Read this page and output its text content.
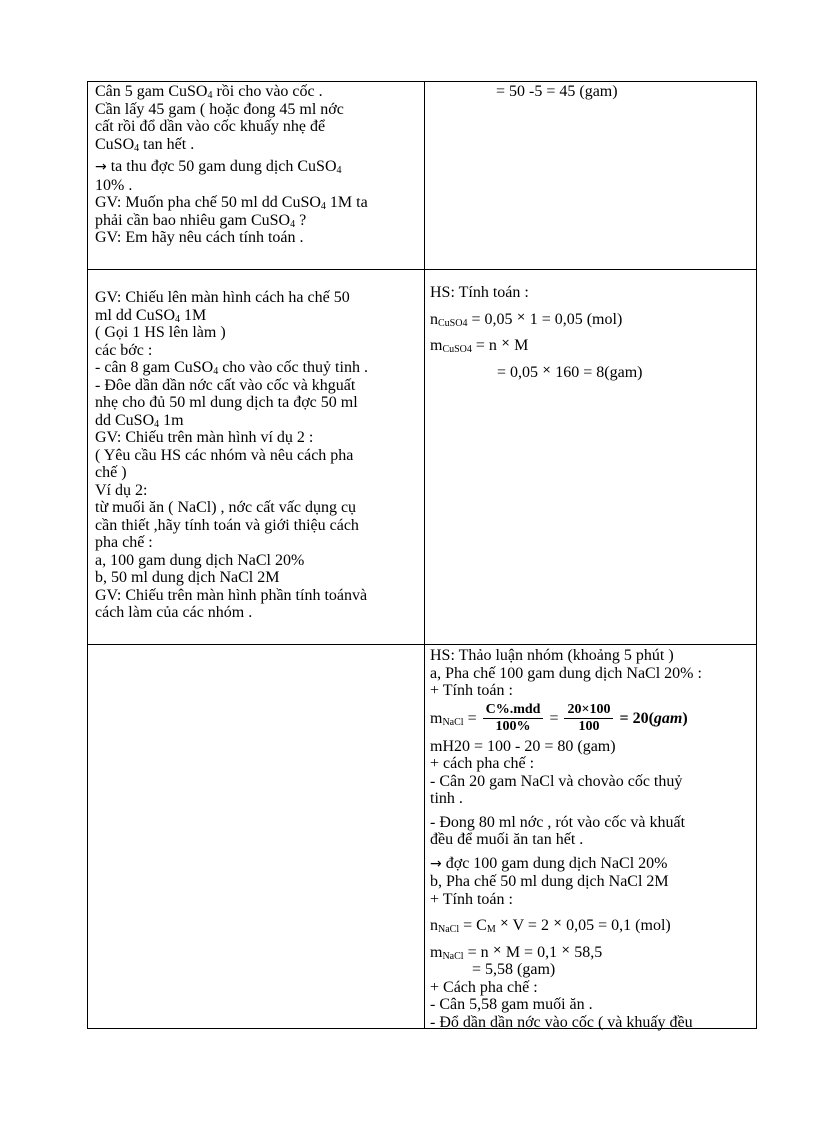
Cân 5 gam CuSO$_4$ rồi cho vào cốc .
Cần lấy 45 gam ( hoặc đong 45 ml nớc
cất rồi đổ dần vào cốc khuấy nhẹ để
CuSO$_4$ tan hết .
→ ta thu đợc 50 gam dung dịch CuSO$_4$
10% .
GV: Muốn pha chế 50 ml dd CuSO$_4$ 1M ta
phải cần bao nhiêu gam CuSO$_4$ ?
GV: Em hãy nêu cách tính toán .
GV: Chiếu lên màn hình cách ha chế 50
ml dd CuSO$_4$ 1M
( Gọi 1 HS lên làm )
các bớc :
- cân 8 gam CuSO$_4$ cho vào cốc thuỷ tinh .
- Đôe dần dần nớc cất vào cốc và khguất
nhẹ cho đủ 50 ml dung dịch ta đợc 50 ml
dd CuSO$_4$ 1m
GV: Chiếu trên màn hình ví dụ 2 :
( Yêu cầu HS các nhóm và nêu cách pha
chế )
Ví dụ 2:
từ muối ăn ( NaCl) , nớc cất vấc dụng cụ
cần thiết ,hãy tính toán và giới thiệu cách
pha chế :
a, 100 gam dung dịch NaCl 20%
b, 50 ml dung dịch NaCl 2M
GV: Chiếu trên màn hình phần tính toánvà
cách làm của các nhóm .
= 50 -5 = 45 (gam)
HS: Tính toán :
$n_{CuSO4} = 0,05$ × 1 = 0,05 (mol)
$m_{CuSO4} = n$ × M
= 0,05 × 160 = 8(gam)
HS: Thảo luận nhóm (khoảng 5 phút )
a, Pha chế 100 gam dung dịch NaCl 20% :
+ Tính toán :
$m_{NaCl} = \frac{\text{C\%.mdd}}{100\%} = \frac{20\times 100}{100} = 20(gam)$
mH20 = 100 - 20 = 80 (gam)
+ cách pha chế :
- Cân 20 gam NaCl và chovào cốc thuỷ
tinh .
- Đong 80 ml nớc , rót vào cốc và khuất
đều để muối ăn tan hết .
→ đợc 100 gam dung dịch NaCl 20%
b, Pha chế 50 ml dung dịch NaCl 2M
+ Tính toán :
$n_{NaCl} = C_M$ × V = 2 × 0,05 = 0,1 (mol)
$m_{NaCl} = n$ × M = 0,1 × 58,5
= 5,58 (gam)
+ Cách pha chế :
- Cân 5,58 gam muối ăn .
- Đổ dần dần nớc vào cốc ( và khuấy đều
